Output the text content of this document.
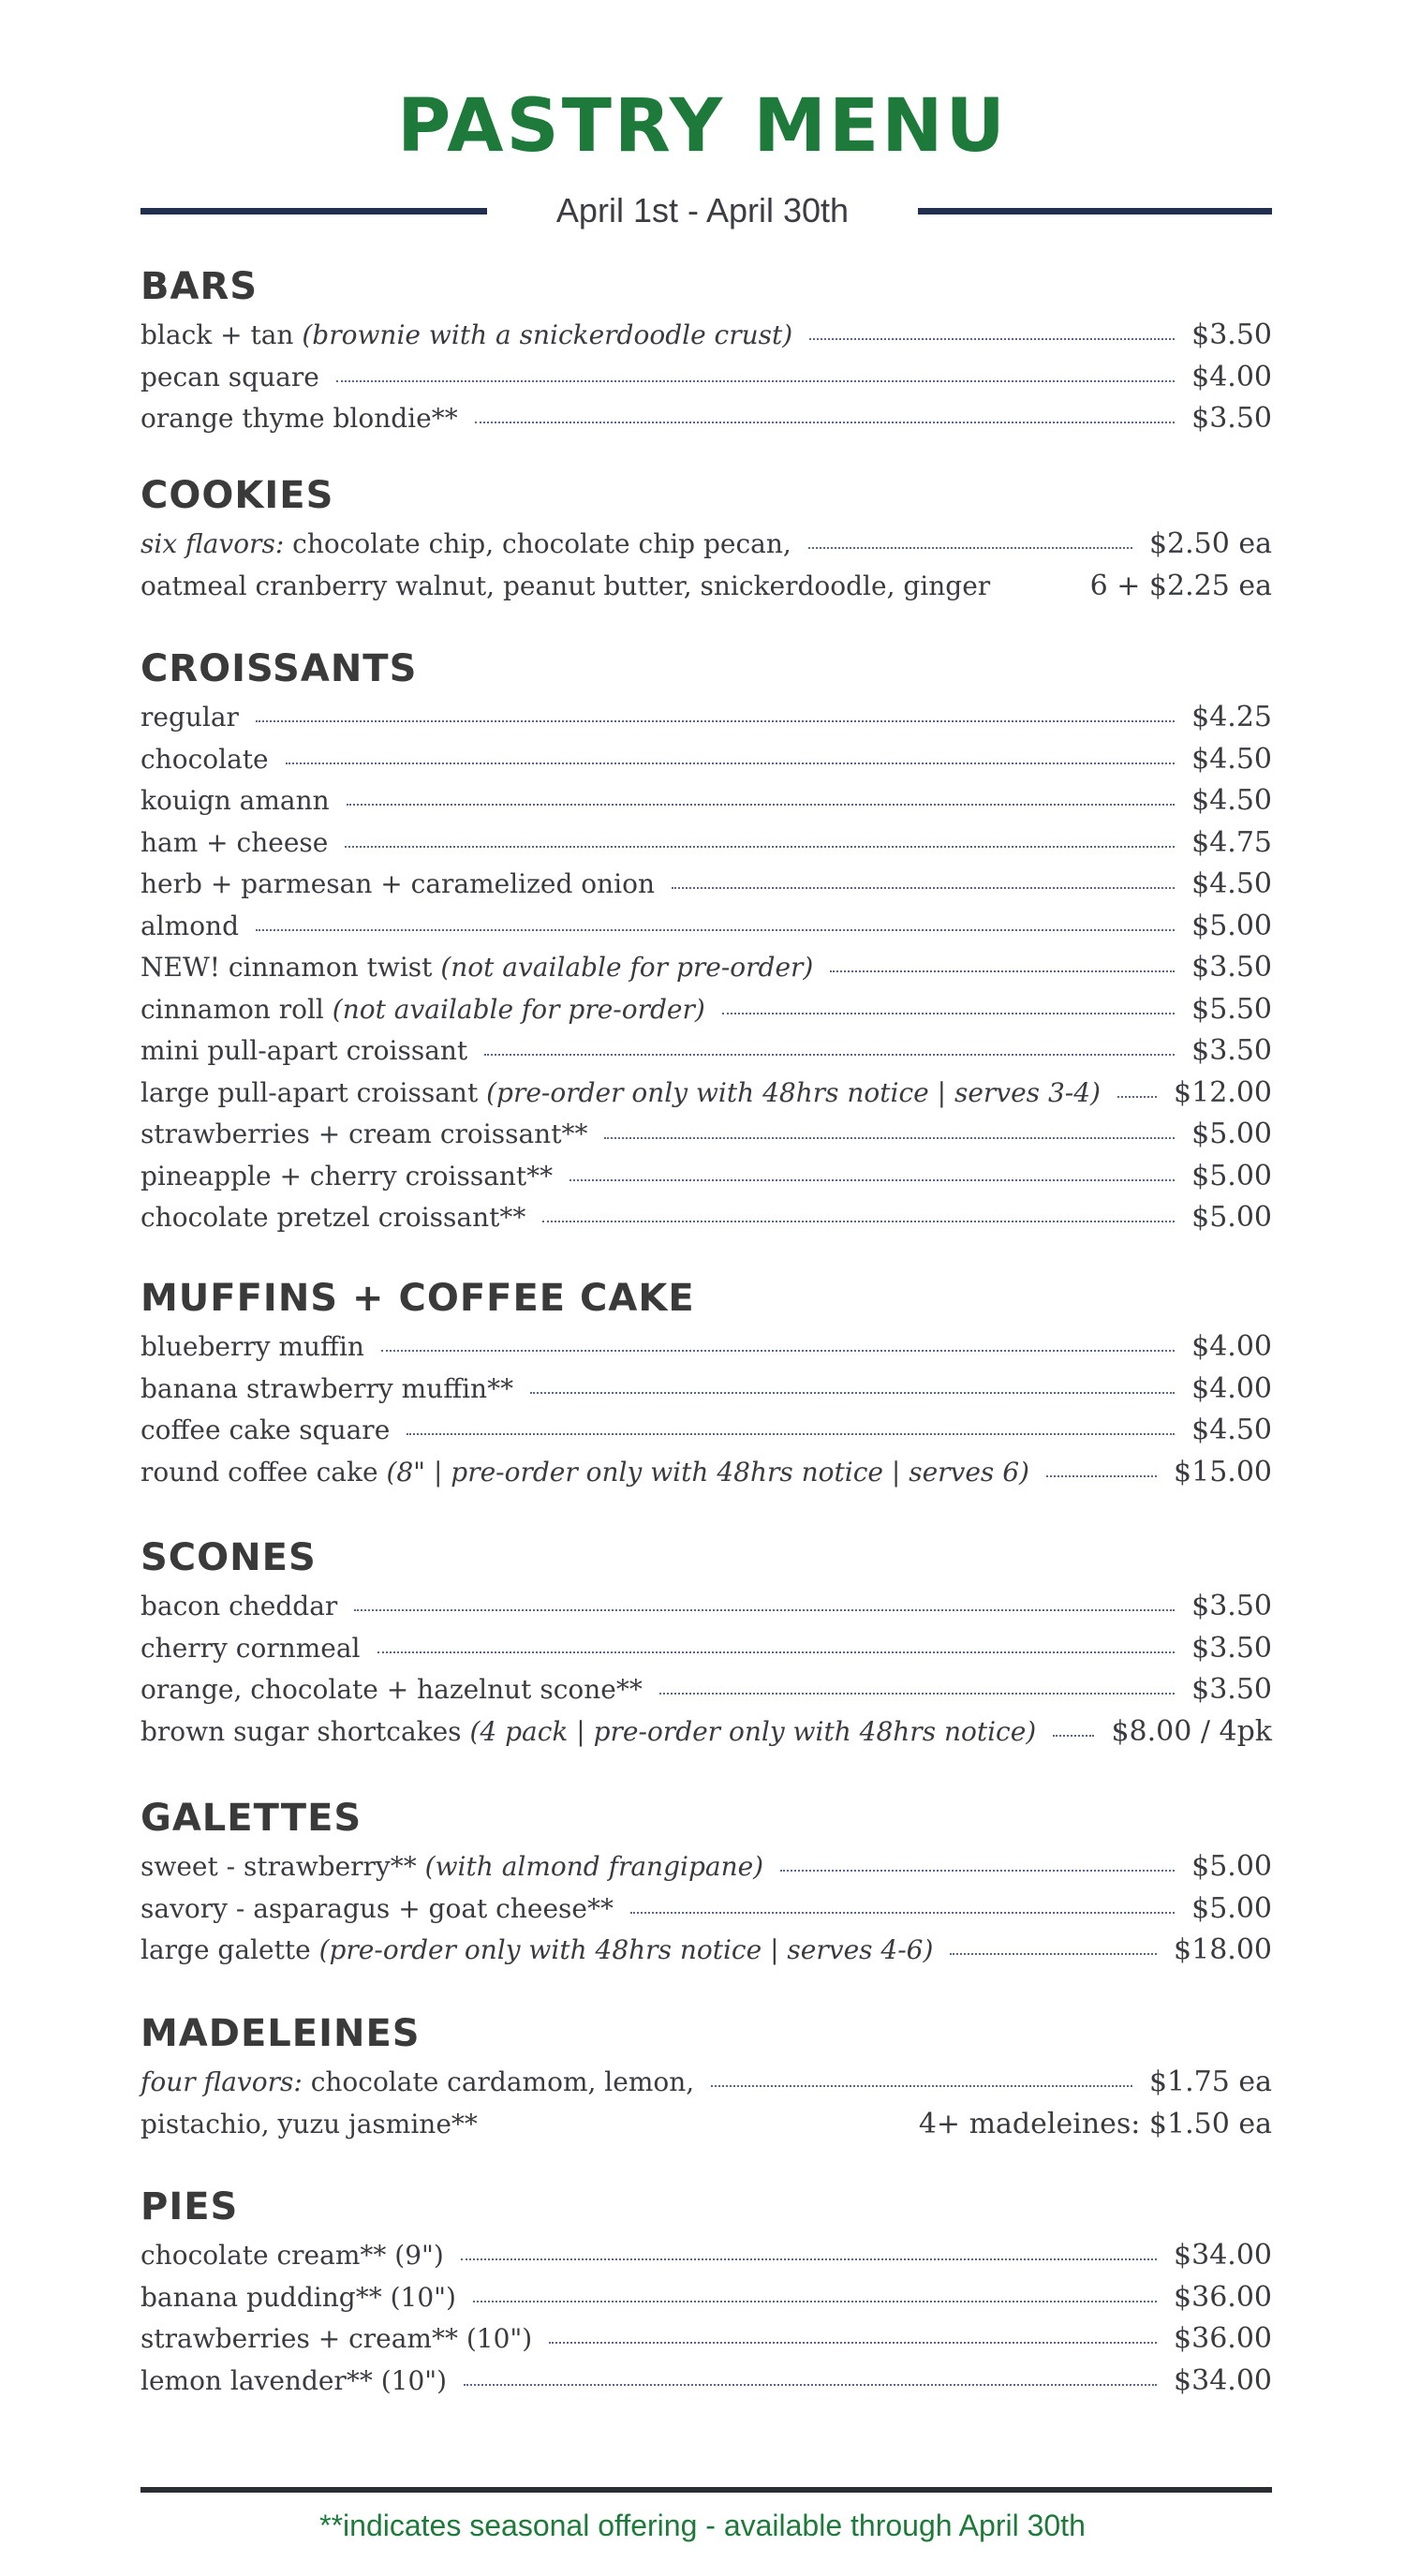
PASTRY MENU
April 1st - April 30th
BARS
black + tan (brownie with a snickerdoodle crust)	$3.50
pecan square	$4.00
orange thyme blondie**	$3.50
COOKIES
six flavors: chocolate chip, chocolate chip pecan,	$2.50 ea
oatmeal cranberry walnut, peanut butter, snickerdoodle, ginger	6 + $2.25 ea
CROISSANTS
regular	$4.25
chocolate	$4.50
kouign amann	$4.50
ham + cheese	$4.75
herb + parmesan + caramelized onion	$4.50
almond	$5.00
NEW! cinnamon twist (not available for pre-order)	$3.50
cinnamon roll (not available for pre-order)	$5.50
mini pull-apart croissant	$3.50
large pull-apart croissant (pre-order only with 48hrs notice | serves 3-4)	$12.00
strawberries + cream croissant**	$5.00
pineapple + cherry croissant**	$5.00
chocolate pretzel croissant**	$5.00
MUFFINS + COFFEE CAKE
blueberry muffin	$4.00
banana strawberry muffin**	$4.00
coffee cake square	$4.50
round coffee cake (8" | pre-order only with 48hrs notice | serves 6)	$15.00
SCONES
bacon cheddar	$3.50
cherry cornmeal	$3.50
orange, chocolate + hazelnut scone**	$3.50
brown sugar shortcakes (4 pack | pre-order only with 48hrs notice)	$8.00 / 4pk
GALETTES
sweet - strawberry** (with almond frangipane)	$5.00
savory - asparagus + goat cheese**	$5.00
large galette (pre-order only with 48hrs notice | serves 4-6)	$18.00
MADELEINES
four flavors: chocolate cardamom, lemon,	$1.75 ea
pistachio, yuzu jasmine**	4+ madeleines: $1.50 ea
PIES
chocolate cream** (9")	$34.00
banana pudding** (10")	$36.00
strawberries + cream** (10")	$36.00
lemon lavender** (10")	$34.00
**indicates seasonal offering - available through April 30th
